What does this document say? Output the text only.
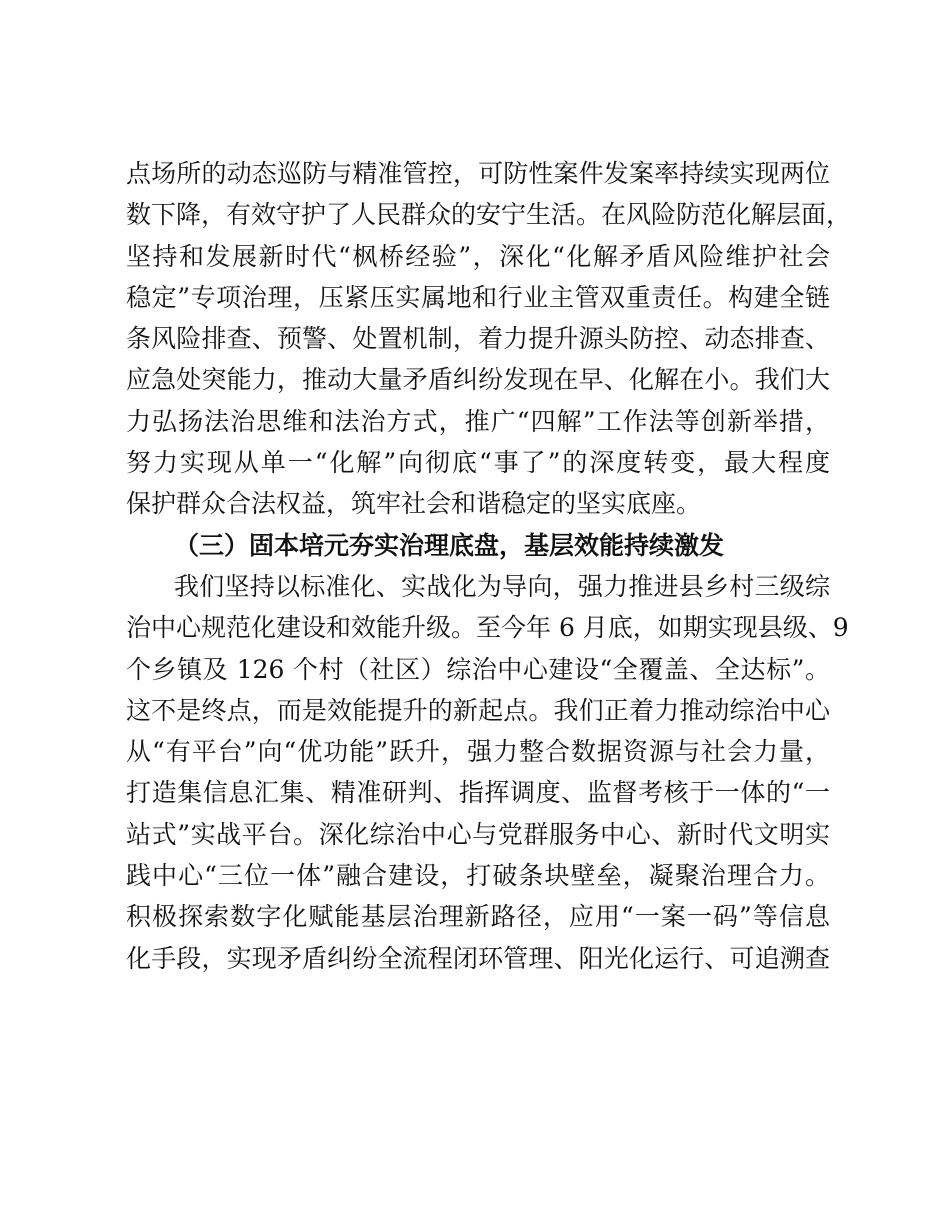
点场所的动态巡防与精准管控，可防性案件发案率持续实现两位
数下降，有效守护了人民群众的安宁生活。在风险防范化解层面，
坚持和发展新时代“枫桥经验”，深化“化解矛盾风险维护社会
稳定”专项治理，压紧压实属地和行业主管双重责任。构建全链
条风险排查、预警、处置机制，着力提升源头防控、动态排查、
应急处突能力，推动大量矛盾纠纷发现在早、化解在小。我们大
力弘扬法治思维和法治方式，推广“四解”工作法等创新举措，
努力实现从单一“化解”向彻底“事了”的深度转变，最大程度
保护群众合法权益，筑牢社会和谐稳定的坚实底座。
（三）固本培元夯实治理底盘，基层效能持续激发
我们坚持以标准化、实战化为导向，强力推进县乡村三级综
治中心规范化建设和效能升级。至今年 6 月底，如期实现县级、9
个乡镇及 126 个村（社区）综治中心建设“全覆盖、全达标”。
这不是终点，而是效能提升的新起点。我们正着力推动综治中心
从“有平台”向“优功能”跃升，强力整合数据资源与社会力量，
打造集信息汇集、精准研判、指挥调度、监督考核于一体的“一
站式”实战平台。深化综治中心与党群服务中心、新时代文明实
践中心“三位一体”融合建设，打破条块壁垒，凝聚治理合力。
积极探索数字化赋能基层治理新路径，应用“一案一码”等信息
化手段，实现矛盾纠纷全流程闭环管理、阳光化运行、可追溯查
